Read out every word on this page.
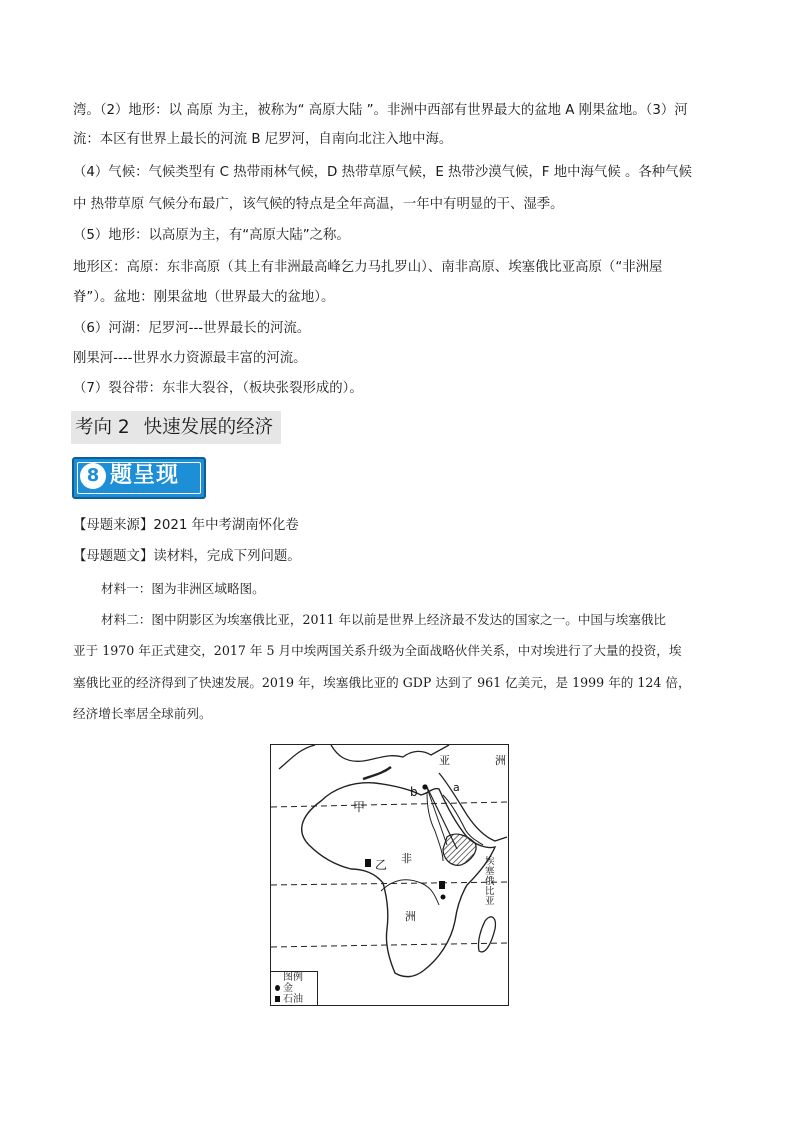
湾。（2）地形：以 高原 为主，被称为“ 高原大陆 ”。非洲中西部有世界最大的盆地 A 刚果盆地。（3）河
流：本区有世界上最长的河流 B 尼罗河，自南向北注入地中海。
（4）气候：气候类型有 C 热带雨林气候，D 热带草原气候，E 热带沙漠气候，F 地中海气候 。各种气候
中 热带草原 气候分布最广，该气候的特点是全年高温，一年中有明显的干、湿季。
（5）地形：以高原为主，有“高原大陆”之称。
地形区：高原：东非高原（其上有非洲最高峰乞力马扎罗山）、南非高原、埃塞俄比亚高原（“非洲屋
脊”）。盆地：刚果盆地（世界最大的盆地）。
（6）河湖：尼罗河---世界最长的河流。
刚果河----世界水力资源最丰富的河流。
（7）裂谷带：东非大裂谷，（板块张裂形成的）。
考向 2 快速发展的经济
8 题呈现
【母题来源】2021 年中考湖南怀化卷
【母题题文】读材料，完成下列问题。
材料一：图为非洲区域略图。
材料二：图中阴影区为埃塞俄比亚，2011 年以前是世界上经济最不发达的国家之一。中国与埃塞俄比
亚于 1970 年正式建交，2017 年 5 月中埃两国关系升级为全面战略伙伴关系，中对埃进行了大量的投资，埃
塞俄比亚的经济得到了快速发展。2019 年，埃塞俄比亚的 GDP 达到了 961 亿美元，是 1999 年的 124 倍，
经济增长率居全球前列。
亚	洲
b	a
甲
非
乙
洲
埃塞俄比亚
图例
金
石油
